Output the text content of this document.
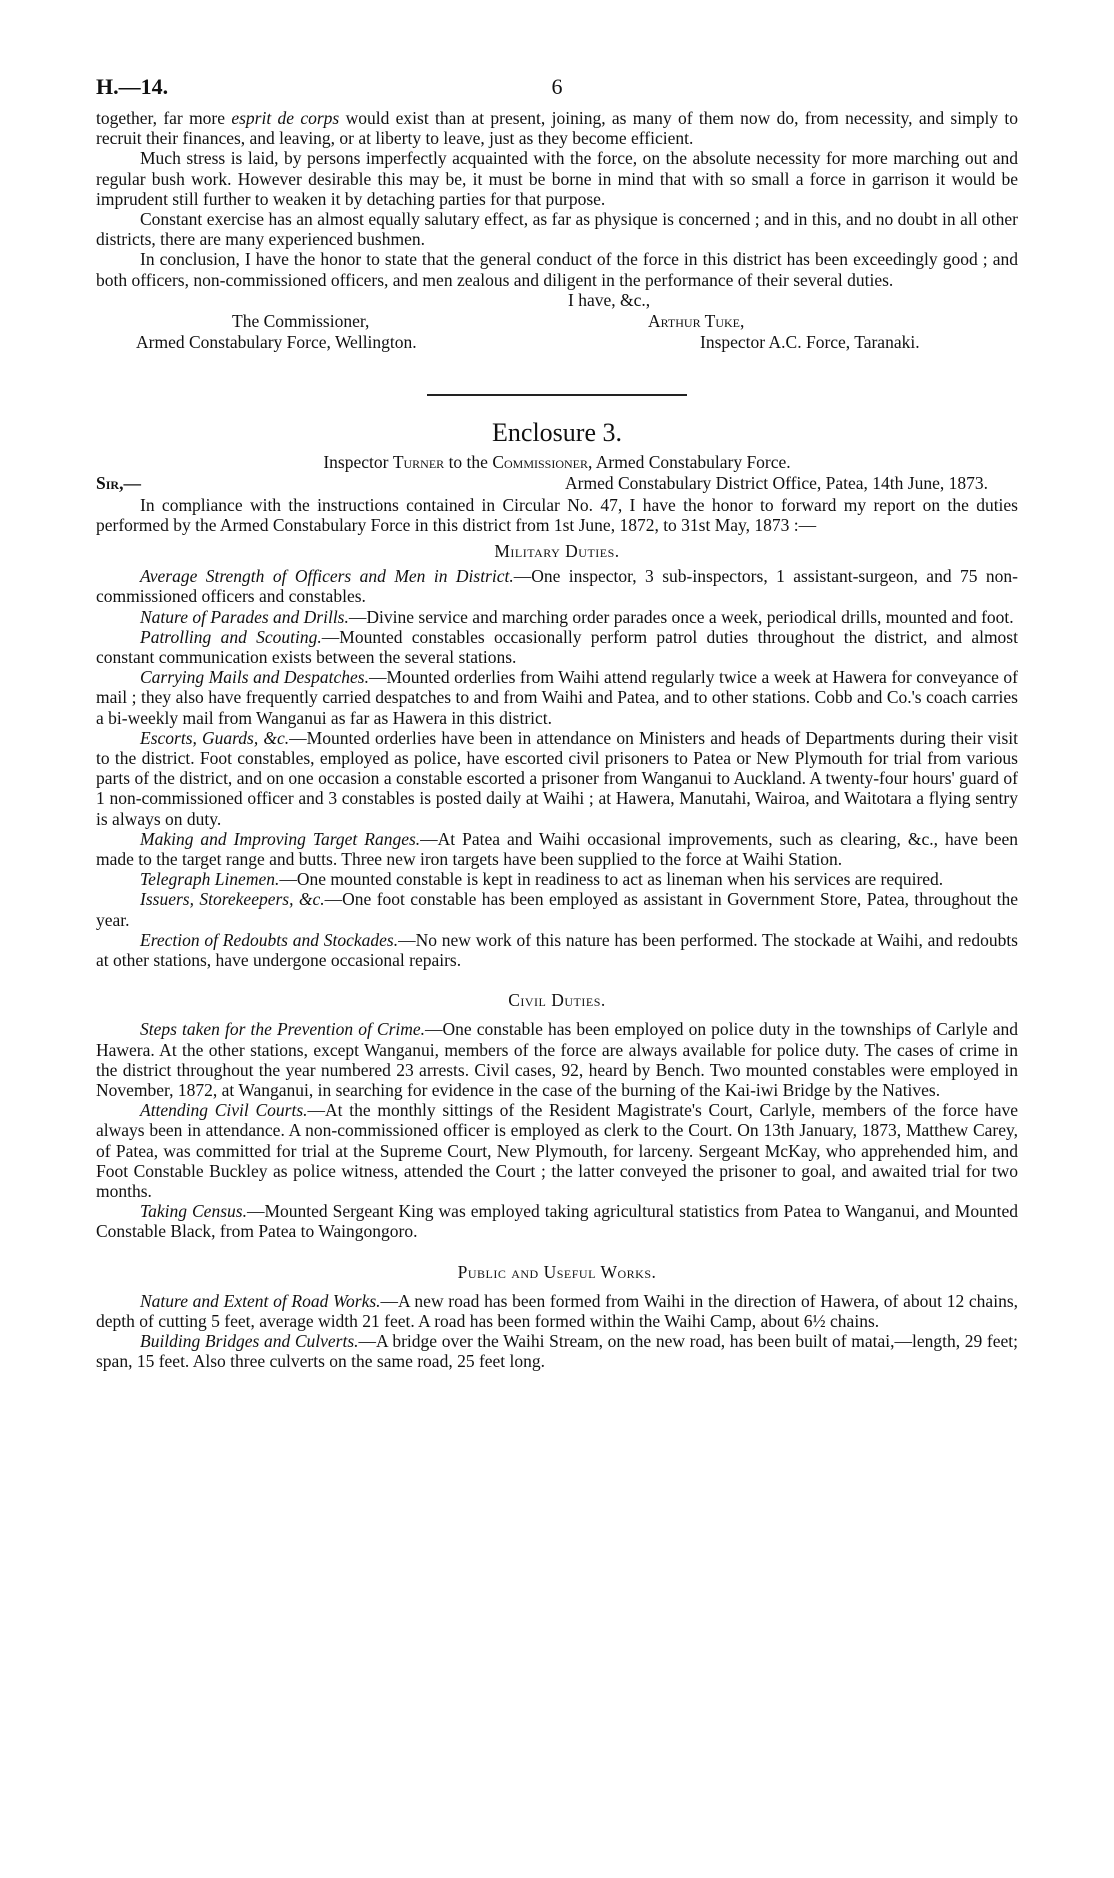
H.—14.	6

together, far more esprit de corps would exist than at present, joining, as many of them now do, from necessity, and simply to recruit their finances, and leaving, or at liberty to leave, just as they become efficient.

Much stress is laid, by persons imperfectly acquainted with the force, on the absolute necessity for more marching out and regular bush work. However desirable this may be, it must be borne in mind that with so small a force in garrison it would be imprudent still further to weaken it by detaching parties for that purpose.

Constant exercise has an almost equally salutary effect, as far as physique is concerned ; and in this, and no doubt in all other districts, there are many experienced bushmen.

In conclusion, I have the honor to state that the general conduct of the force in this district has been exceedingly good ; and both officers, non-commissioned officers, and men zealous and diligent in the performance of their several duties.

I have, &c.,
The Commissioner,
Armed Constabulary Force, Wellington.
Arthur Tuke,
Inspector A.C. Force, Taranaki.
Enclosure 3.
Inspector Turner to the Commissioner, Armed Constabulary Force.
Sir,—	Armed Constabulary District Office, Patea, 14th June, 1873.

In compliance with the instructions contained in Circular No. 47, I have the honor to forward my report on the duties performed by the Armed Constabulary Force in this district from 1st June, 1872, to 31st May, 1873 :—

Military Duties.

Average Strength of Officers and Men in District.—One inspector, 3 sub-inspectors, 1 assistant-surgeon, and 75 non-commissioned officers and constables.

Nature of Parades and Drills.—Divine service and marching order parades once a week, periodical drills, mounted and foot.

Patrolling and Scouting.—Mounted constables occasionally perform patrol duties throughout the district, and almost constant communication exists between the several stations.

Carrying Mails and Despatches.—Mounted orderlies from Waihi attend regularly twice a week at Hawera for conveyance of mail ; they also have frequently carried despatches to and from Waihi and Patea, and to other stations. Cobb and Co.'s coach carries a bi-weekly mail from Wanganui as far as Hawera in this district.

Escorts, Guards, &c.—Mounted orderlies have been in attendance on Ministers and heads of Departments during their visit to the district. Foot constables, employed as police, have escorted civil prisoners to Patea or New Plymouth for trial from various parts of the district, and on one occasion a constable escorted a prisoner from Wanganui to Auckland. A twenty-four hours' guard of 1 non-commissioned officer and 3 constables is posted daily at Waihi ; at Hawera, Manutahi, Wairoa, and Waitotara a flying sentry is always on duty.

Making and Improving Target Ranges.—At Patea and Waihi occasional improvements, such as clearing, &c., have been made to the target range and butts. Three new iron targets have been supplied to the force at Waihi Station.

Telegraph Linemen.—One mounted constable is kept in readiness to act as lineman when his services are required.

Issuers, Storekeepers, &c.—One foot constable has been employed as assistant in Government Store, Patea, throughout the year.

Erection of Redoubts and Stockades.—No new work of this nature has been performed. The stockade at Waihi, and redoubts at other stations, have undergone occasional repairs.

Civil Duties.

Steps taken for the Prevention of Crime.—One constable has been employed on police duty in the townships of Carlyle and Hawera. At the other stations, except Wanganui, members of the force are always available for police duty. The cases of crime in the district throughout the year numbered 23 arrests. Civil cases, 92, heard by Bench. Two mounted constables were employed in November, 1872, at Wanganui, in searching for evidence in the case of the burning of the Kai-iwi Bridge by the Natives.

Attending Civil Courts.—At the monthly sittings of the Resident Magistrate's Court, Carlyle, members of the force have always been in attendance. A non-commissioned officer is employed as clerk to the Court. On 13th January, 1873, Matthew Carey, of Patea, was committed for trial at the Supreme Court, New Plymouth, for larceny. Sergeant McKay, who apprehended him, and Foot Constable Buckley as police witness, attended the Court ; the latter conveyed the prisoner to goal, and awaited trial for two months.

Taking Census.—Mounted Sergeant King was employed taking agricultural statistics from Patea to Wanganui, and Mounted Constable Black, from Patea to Waingongoro.

Public and Useful Works.

Nature and Extent of Road Works.—A new road has been formed from Waihi in the direction of Hawera, of about 12 chains, depth of cutting 5 feet, average width 21 feet. A road has been formed within the Waihi Camp, about 6½ chains.

Building Bridges and Culverts.—A bridge over the Waihi Stream, on the new road, has been built of matai,—length, 29 feet; span, 15 feet. Also three culverts on the same road, 25 feet long.
